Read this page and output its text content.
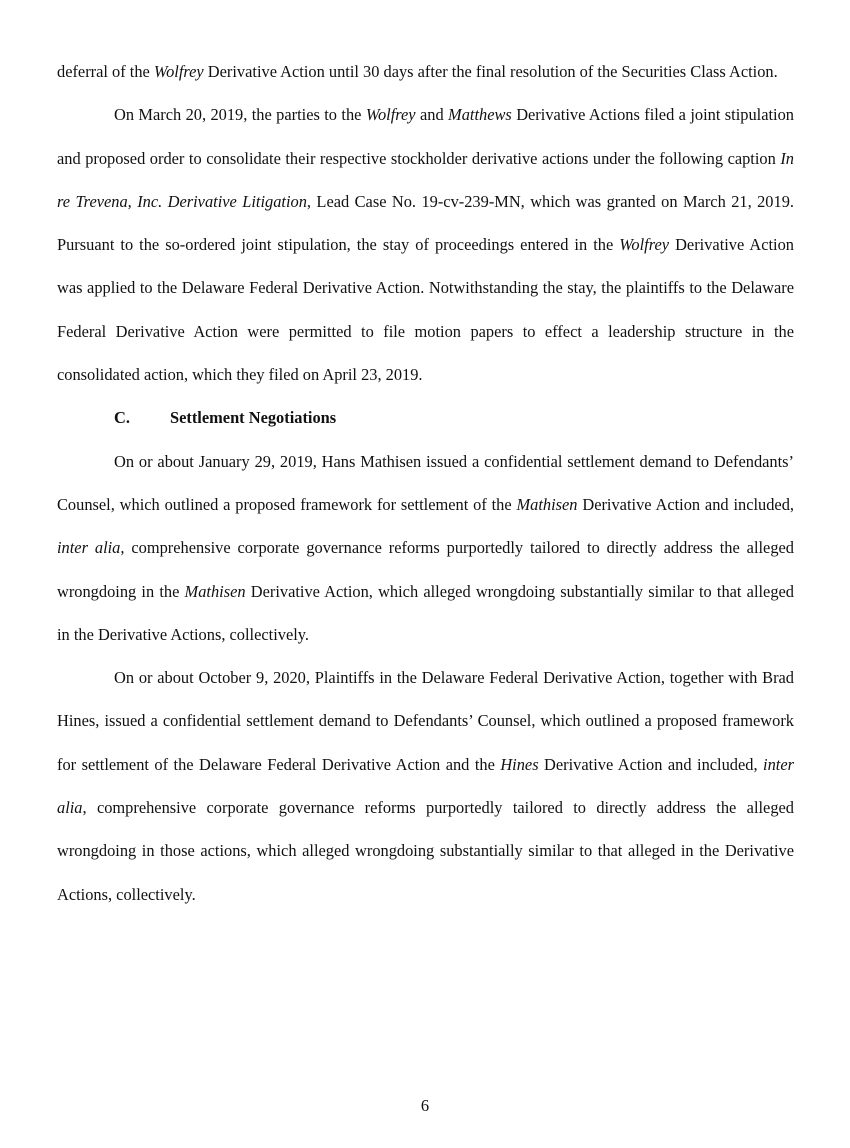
deferral of the Wolfrey Derivative Action until 30 days after the final resolution of the Securities Class Action.

On March 20, 2019, the parties to the Wolfrey and Matthews Derivative Actions filed a joint stipulation and proposed order to consolidate their respective stockholder derivative actions under the following caption In re Trevena, Inc. Derivative Litigation, Lead Case No. 19-cv-239-MN, which was granted on March 21, 2019. Pursuant to the so-ordered joint stipulation, the stay of proceedings entered in the Wolfrey Derivative Action was applied to the Delaware Federal Derivative Action. Notwithstanding the stay, the plaintiffs to the Delaware Federal Derivative Action were permitted to file motion papers to effect a leadership structure in the consolidated action, which they filed on April 23, 2019.

C. Settlement Negotiations

On or about January 29, 2019, Hans Mathisen issued a confidential settlement demand to Defendants’ Counsel, which outlined a proposed framework for settlement of the Mathisen Derivative Action and included, inter alia, comprehensive corporate governance reforms purportedly tailored to directly address the alleged wrongdoing in the Mathisen Derivative Action, which alleged wrongdoing substantially similar to that alleged in the Derivative Actions, collectively.

On or about October 9, 2020, Plaintiffs in the Delaware Federal Derivative Action, together with Brad Hines, issued a confidential settlement demand to Defendants’ Counsel, which outlined a proposed framework for settlement of the Delaware Federal Derivative Action and the Hines Derivative Action and included, inter alia, comprehensive corporate governance reforms purportedly tailored to directly address the alleged wrongdoing in those actions, which alleged wrongdoing substantially similar to that alleged in the Derivative Actions, collectively.

6
